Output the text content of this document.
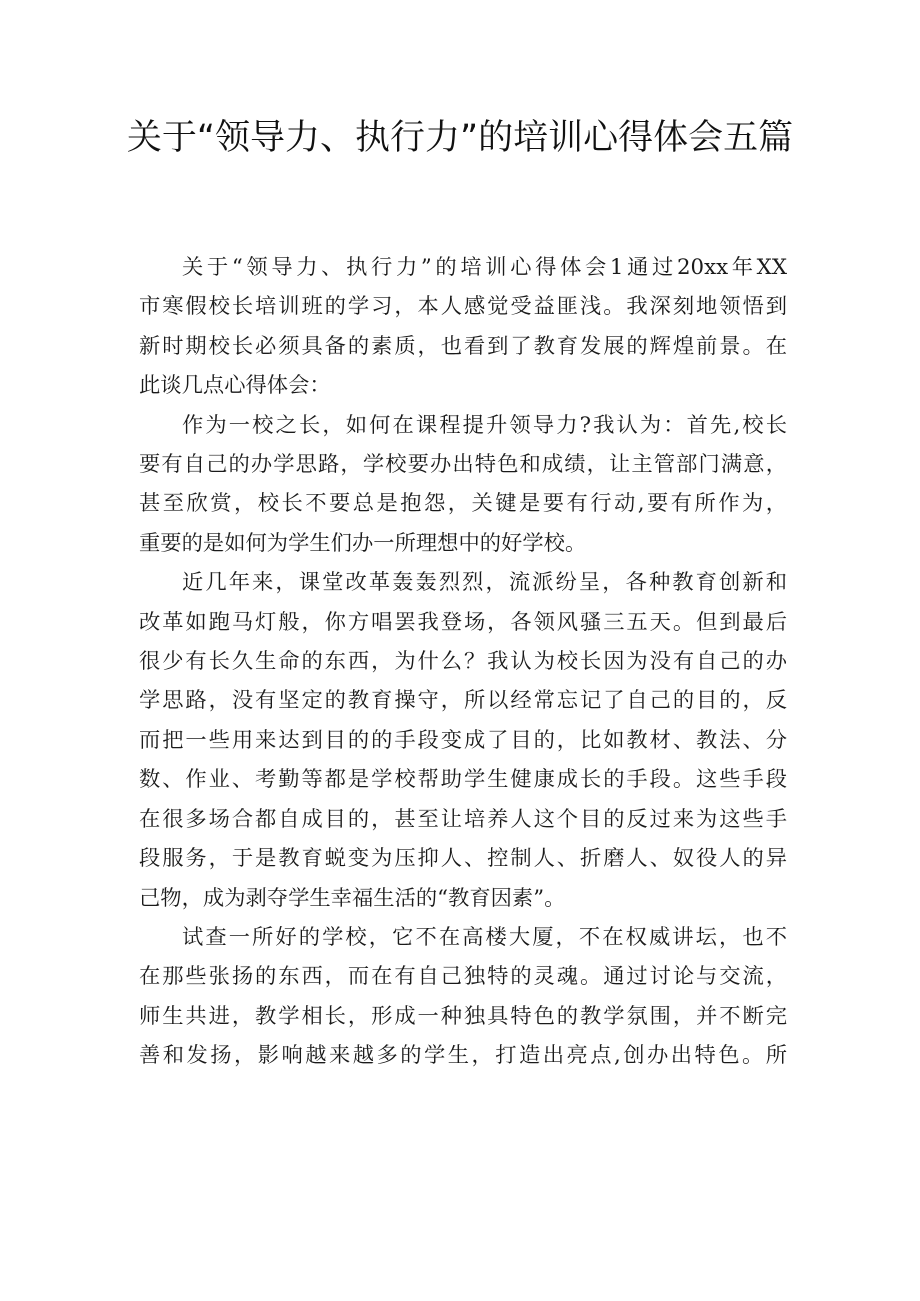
关于“领导力、执行力”的培训心得体会五篇

关于“领导力、执行力”的培训心得体会1通过20xx年XX
市寒假校长培训班的学习，本人感觉受益匪浅。我深刻地领悟到
新时期校长必须具备的素质，也看到了教育发展的辉煌前景。在
此谈几点心得体会：

作为一校之长，如何在课程提升领导力?我认为：首先,校长
要有自己的办学思路，学校要办出特色和成绩，让主管部门满意，
甚至欣赏，校长不要总是抱怨，关键是要有行动,要有所作为，
重要的是如何为学生们办一所理想中的好学校。

近几年来，课堂改革轰轰烈烈，流派纷呈，各种教育创新和
改革如跑马灯般，你方唱罢我登场，各领风骚三五天。但到最后
很少有长久生命的东西，为什么？我认为校长因为没有自己的办
学思路，没有坚定的教育操守，所以经常忘记了自己的目的，反
而把一些用来达到目的的手段变成了目的，比如教材、教法、分
数、作业、考勤等都是学校帮助学生健康成长的手段。这些手段
在很多场合都自成目的，甚至让培养人这个目的反过来为这些手
段服务，于是教育蜕变为压抑人、控制人、折磨人、奴役人的异
己物，成为剥夺学生幸福生活的“教育因素”。

试查一所好的学校，它不在高楼大厦，不在权威讲坛，也不
在那些张扬的东西，而在有自己独特的灵魂。通过讨论与交流，
师生共进，教学相长，形成一种独具特色的教学氛围，并不断完
善和发扬，影响越来越多的学生，打造出亮点,创办出特色。所
